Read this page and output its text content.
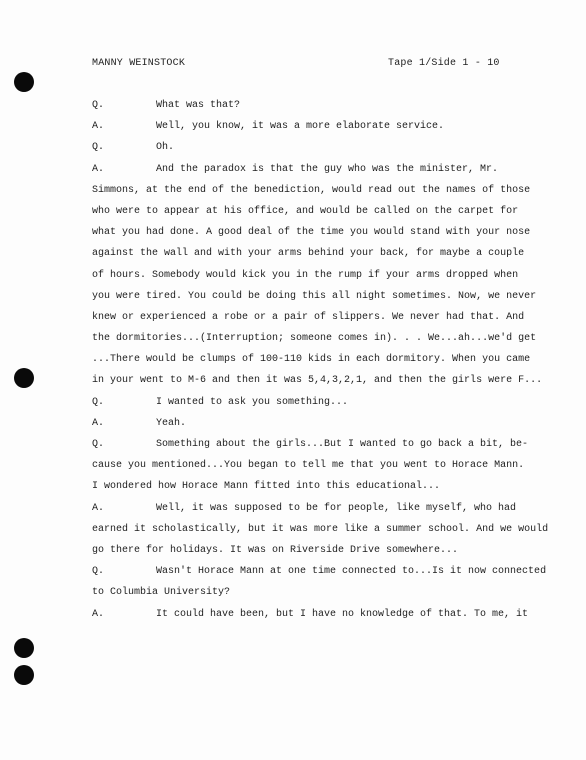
MANNY WEINSTOCK	Tape 1/Side 1 - 10
Q.	What was that?
A.	Well, you know, it was a more elaborate service.
Q.	Oh.
A.	And the paradox is that the guy who was the minister, Mr.
Simmons, at the end of the benediction, would read out the names of those
who were to appear at his office, and would be called on the carpet for
what you had done. A good deal of the time you would stand with your nose
against the wall and with your arms behind your back, for maybe a couple
of hours. Somebody would kick you in the rump if your arms dropped when
you were tired. You could be doing this all night sometimes. Now, we never
knew or experienced a robe or a pair of slippers. We never had that. And
the dormitories...(Interruption; someone comes in). . . We...ah...we'd get
...There would be clumps of 100-110 kids in each dormitory. When you came
in your went to M-6 and then it was 5,4,3,2,1, and then the girls were F...
Q.	I wanted to ask you something...
A.	Yeah.
Q.	Something about the girls...But I wanted to go back a bit, be-
cause you mentioned...You began to tell me that you went to Horace Mann.
I wondered how Horace Mann fitted into this educational...
A.	Well, it was supposed to be for people, like myself, who had
earned it scholastically, but it was more like a summer school. And we would
go there for holidays. It was on Riverside Drive somewhere...
Q.	Wasn't Horace Mann at one time connected to...Is it now connected
to Columbia University?
A.	It could have been, but I have no knowledge of that. To me, it
